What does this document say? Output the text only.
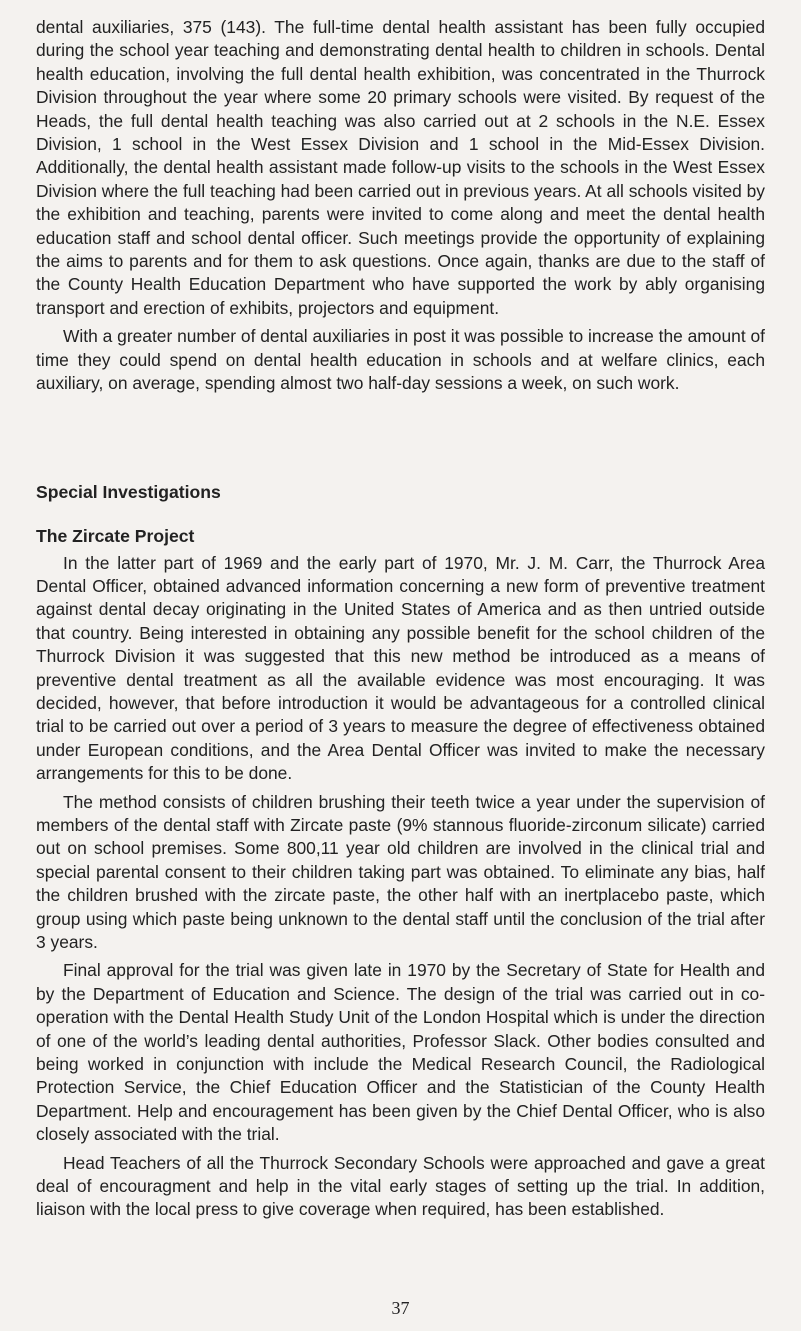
dental auxiliaries, 375 (143). The full-time dental health assistant has been fully occupied during the school year teaching and demonstrating dental health to children in schools. Dental health education, involving the full dental health exhibition, was concentrated in the Thurrock Division throughout the year where some 20 primary schools were visited. By request of the Heads, the full dental health teaching was also carried out at 2 schools in the N.E. Essex Division, 1 school in the West Essex Division and 1 school in the Mid-Essex Division. Additionally, the dental health assistant made follow-up visits to the schools in the West Essex Division where the full teaching had been carried out in previous years. At all schools visited by the exhibition and teaching, parents were invited to come along and meet the dental health education staff and school dental officer. Such meetings provide the opportunity of explaining the aims to parents and for them to ask questions. Once again, thanks are due to the staff of the County Health Education Department who have supported the work by ably organising transport and erection of exhibits, projectors and equipment.

With a greater number of dental auxiliaries in post it was possible to increase the amount of time they could spend on dental health education in schools and at welfare clinics, each auxiliary, on average, spending almost two half-day sessions a week, on such work.

Special Investigations
The Zircate Project

In the latter part of 1969 and the early part of 1970, Mr. J. M. Carr, the Thurrock Area Dental Officer, obtained advanced information concerning a new form of preventive treatment against dental decay originating in the United States of America and as then untried outside that country. Being interested in obtaining any possible benefit for the school children of the Thurrock Division it was suggested that this new method be introduced as a means of preventive dental treatment as all the available evidence was most encouraging. It was decided, however, that before introduction it would be advantageous for a controlled clinical trial to be carried out over a period of 3 years to measure the degree of effectiveness obtained under European conditions, and the Area Dental Officer was invited to make the necessary arrangements for this to be done.

The method consists of children brushing their teeth twice a year under the supervision of members of the dental staff with Zircate paste (9% stannous fluoride-zirconum silicate) carried out on school premises. Some 800,11 year old children are involved in the clinical trial and special parental consent to their children taking part was obtained. To eliminate any bias, half the children brushed with the zircate paste, the other half with an inertplacebo paste, which group using which paste being unknown to the dental staff until the conclusion of the trial after 3 years.

Final approval for the trial was given late in 1970 by the Secretary of State for Health and by the Department of Education and Science. The design of the trial was carried out in co-operation with the Dental Health Study Unit of the London Hospital which is under the direction of one of the world’s leading dental authorities, Professor Slack. Other bodies consulted and being worked in conjunction with include the Medical Research Council, the Radiological Protection Service, the Chief Education Officer and the Statistician of the County Health Department. Help and encouragement has been given by the Chief Dental Officer, who is also closely associated with the trial.

Head Teachers of all the Thurrock Secondary Schools were approached and gave a great deal of encouragment and help in the vital early stages of setting up the trial. In addition, liaison with the local press to give coverage when required, has been established.

37
